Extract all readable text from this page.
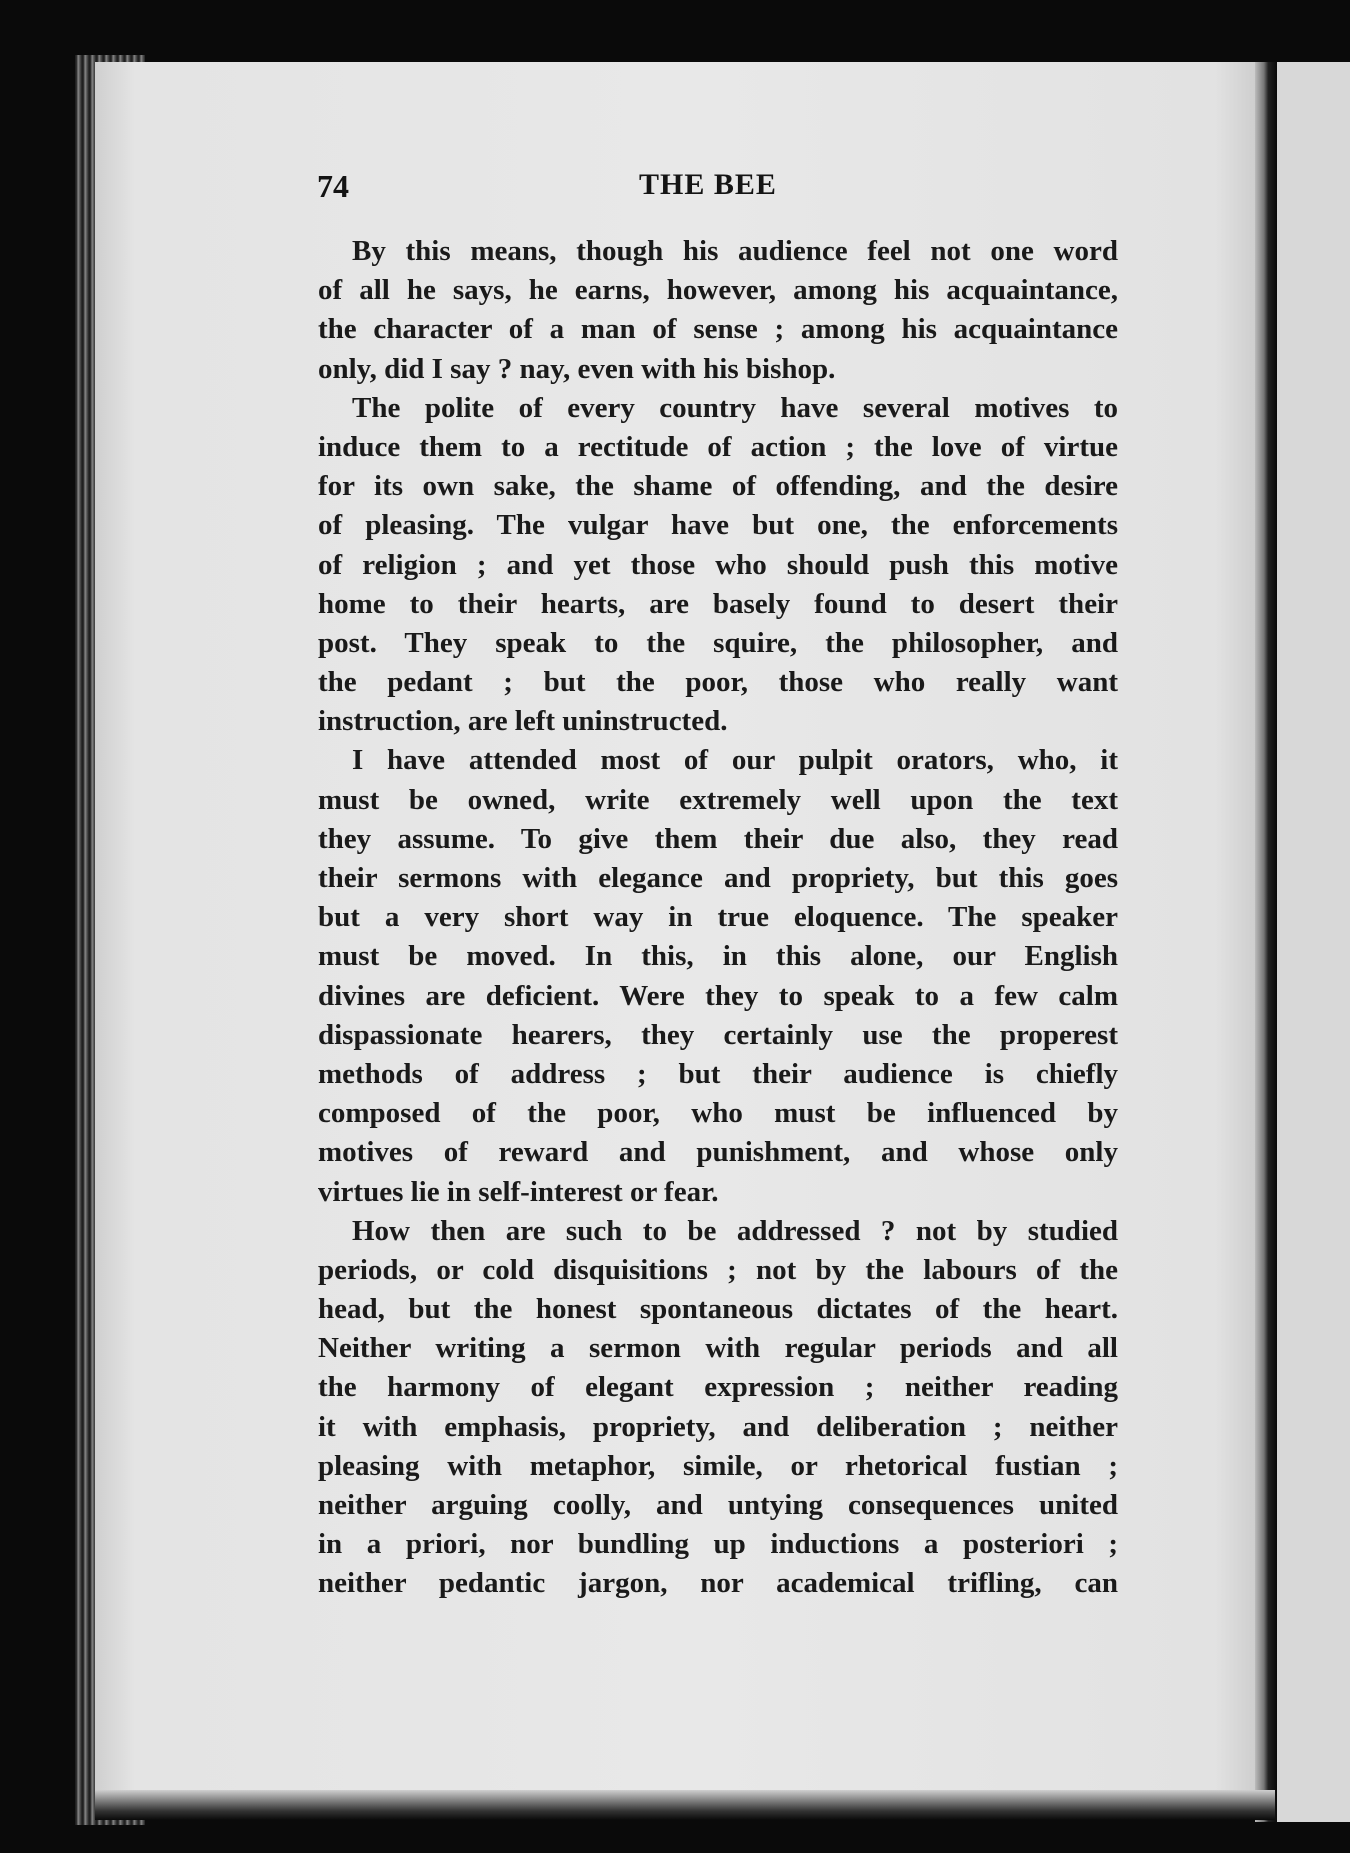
74	THE BEE
By this means, though his audience feel not one word
of all he says, he earns, however, among his acquaintance,
the character of a man of sense ; among his acquaintance
only, did I say ? nay, even with his bishop.
The polite of every country have several motives to
induce them to a rectitude of action ; the love of virtue
for its own sake, the shame of offending, and the desire
of pleasing. The vulgar have but one, the enforcements
of religion ; and yet those who should push this motive
home to their hearts, are basely found to desert their
post. They speak to the squire, the philosopher, and
the pedant ; but the poor, those who really want
instruction, are left uninstructed.
I have attended most of our pulpit orators, who, it
must be owned, write extremely well upon the text
they assume. To give them their due also, they read
their sermons with elegance and propriety, but this goes
but a very short way in true eloquence. The speaker
must be moved. In this, in this alone, our English
divines are deficient. Were they to speak to a few calm
dispassionate hearers, they certainly use the properest
methods of address ; but their audience is chiefly
composed of the poor, who must be influenced by
motives of reward and punishment, and whose only
virtues lie in self-interest or fear.
How then are such to be addressed ? not by studied
periods, or cold disquisitions ; not by the labours of the
head, but the honest spontaneous dictates of the heart.
Neither writing a sermon with regular periods and all
the harmony of elegant expression ; neither reading
it with emphasis, propriety, and deliberation ; neither
pleasing with metaphor, simile, or rhetorical fustian ;
neither arguing coolly, and untying consequences united
in a priori, nor bundling up inductions a posteriori ;
neither pedantic jargon, nor academical trifling, can
